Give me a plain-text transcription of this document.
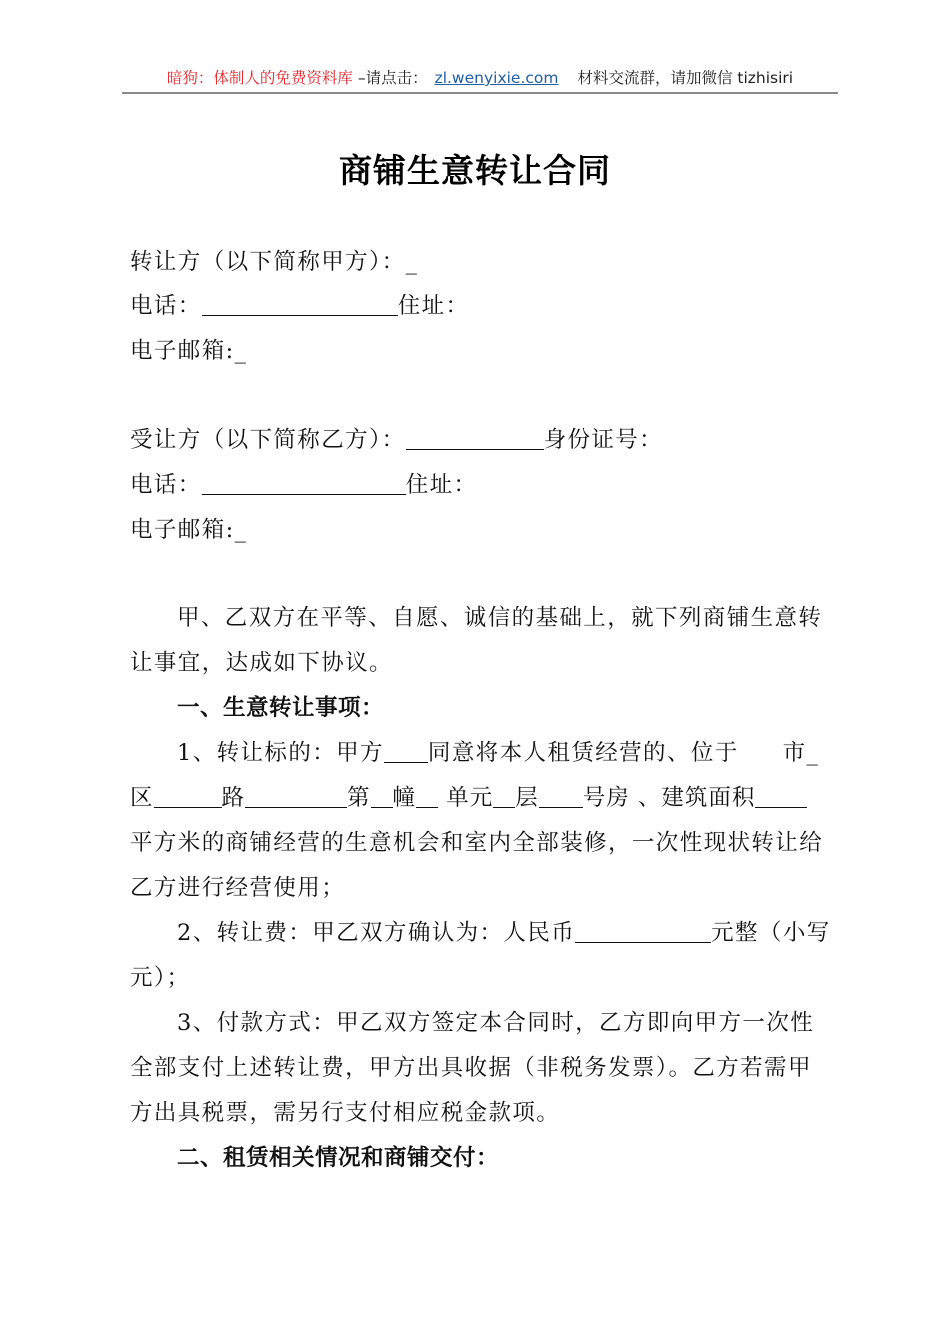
暗狗：体制人的免费资料库 –请点击： zl.wenyixie.com 材料交流群，请加微信 tizhisiri
商铺生意转让合同
转让方（以下简称甲方）：_
电话：	住址：
电子邮箱:_
受让方（以下简称乙方）：	身份证号：
电话：	住址：
电子邮箱:_
甲、乙双方在平等、自愿、诚信的基础上，就下列商铺生意转
让事宜，达成如下协议。
一、生意转让事项：
1、转让标的：甲方 同意将本人租赁经营的、位于 市_
区	路	第 幢 单元 层 号房 、建筑面积
平方米的商铺经营的生意机会和室内全部装修，一次性现状转让给
乙方进行经营使用；
2、转让费：甲乙双方确认为：人民币	元整（小写
元）；
3、付款方式：甲乙双方签定本合同时，乙方即向甲方一次性
全部支付上述转让费，甲方出具收据（非税务发票）。乙方若需甲
方出具税票，需另行支付相应税金款项。
二、租赁相关情况和商铺交付：
